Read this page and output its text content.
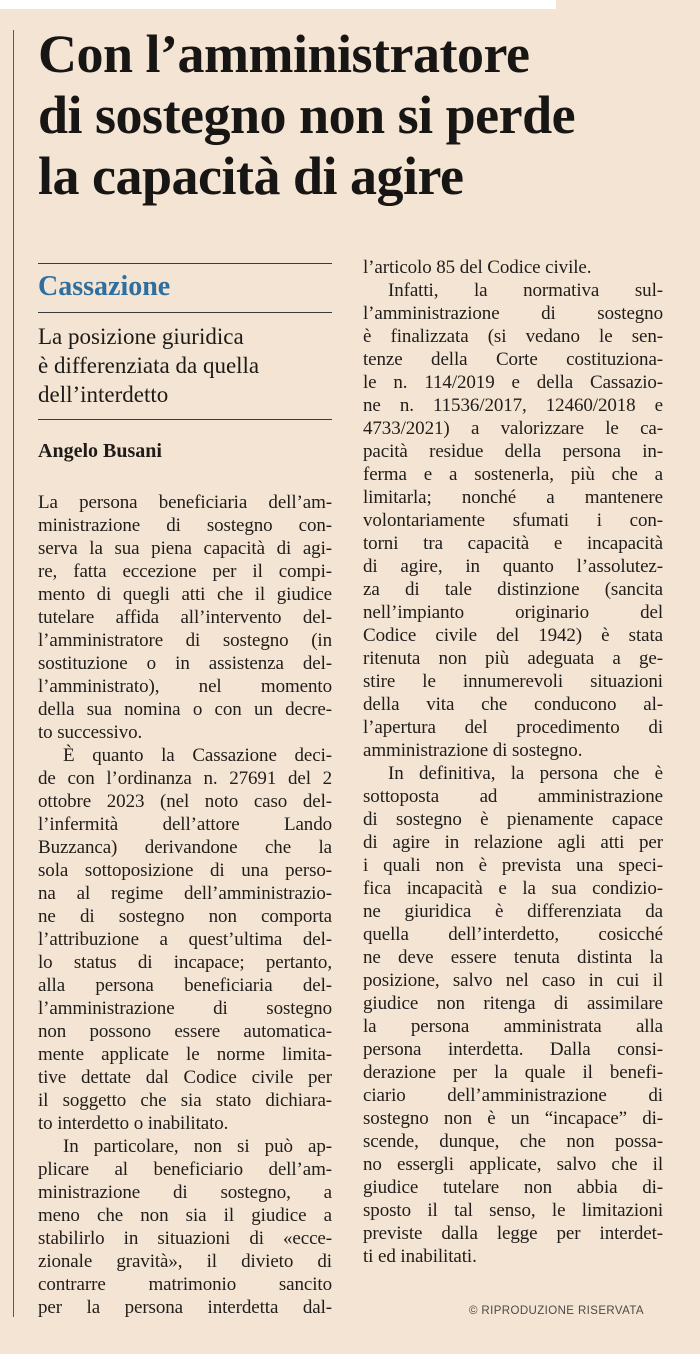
Con l’amministratore
di sostegno non si perde
la capacità di agire
Cassazione
La posizione giuridica
è differenziata da quella
dell’interdetto
Angelo Busani
La persona beneficiaria dell’am-
ministrazione di sostegno con-
serva la sua piena capacità di agi-
re, fatta eccezione per il compi-
mento di quegli atti che il giudice
tutelare affida all’intervento del-
l’amministratore di sostegno (in
sostituzione o in assistenza del-
l’amministrato), nel momento
della sua nomina o con un decre-
to successivo.
È quanto la Cassazione deci-
de con l’ordinanza n. 27691 del 2
ottobre 2023 (nel noto caso del-
l’infermità dell’attore Lando
Buzzanca) derivandone che la
sola sottoposizione di una perso-
na al regime dell’amministrazio-
ne di sostegno non comporta
l’attribuzione a quest’ultima del-
lo status di incapace; pertanto,
alla persona beneficiaria del-
l’amministrazione di sostegno
non possono essere automatica-
mente applicate le norme limita-
tive dettate dal Codice civile per
il soggetto che sia stato dichiara-
to interdetto o inabilitato.
In particolare, non si può ap-
plicare al beneficiario dell’am-
ministrazione di sostegno, a
meno che non sia il giudice a
stabilirlo in situazioni di «ecce-
zionale gravità», il divieto di
contrarre matrimonio sancito
per la persona interdetta dal-
l’articolo 85 del Codice civile.
Infatti, la normativa sul-
l’amministrazione di sostegno
è finalizzata (si vedano le sen-
tenze della Corte costituziona-
le n. 114/2019 e della Cassazio-
ne n. 11536/2017, 12460/2018 e
4733/2021) a valorizzare le ca-
pacità residue della persona in-
ferma e a sostenerla, più che a
limitarla; nonché a mantenere
volontariamente sfumati i con-
torni tra capacità e incapacità
di agire, in quanto l’assolutez-
za di tale distinzione (sancita
nell’impianto originario del
Codice civile del 1942) è stata
ritenuta non più adeguata a ge-
stire le innumerevoli situazioni
della vita che conducono al-
l’apertura del procedimento di
amministrazione di sostegno.
In definitiva, la persona che è
sottoposta ad amministrazione
di sostegno è pienamente capace
di agire in relazione agli atti per
i quali non è prevista una speci-
fica incapacità e la sua condizio-
ne giuridica è differenziata da
quella dell’interdetto, cosicché
ne deve essere tenuta distinta la
posizione, salvo nel caso in cui il
giudice non ritenga di assimilare
la persona amministrata alla
persona interdetta. Dalla consi-
derazione per la quale il benefi-
ciario dell’amministrazione di
sostegno non è un “incapace” di-
scende, dunque, che non possa-
no essergli applicate, salvo che il
giudice tutelare non abbia di-
sposto il tal senso, le limitazioni
previste dalla legge per interdet-
ti ed inabilitati.
© RIPRODUZIONE RISERVATA
